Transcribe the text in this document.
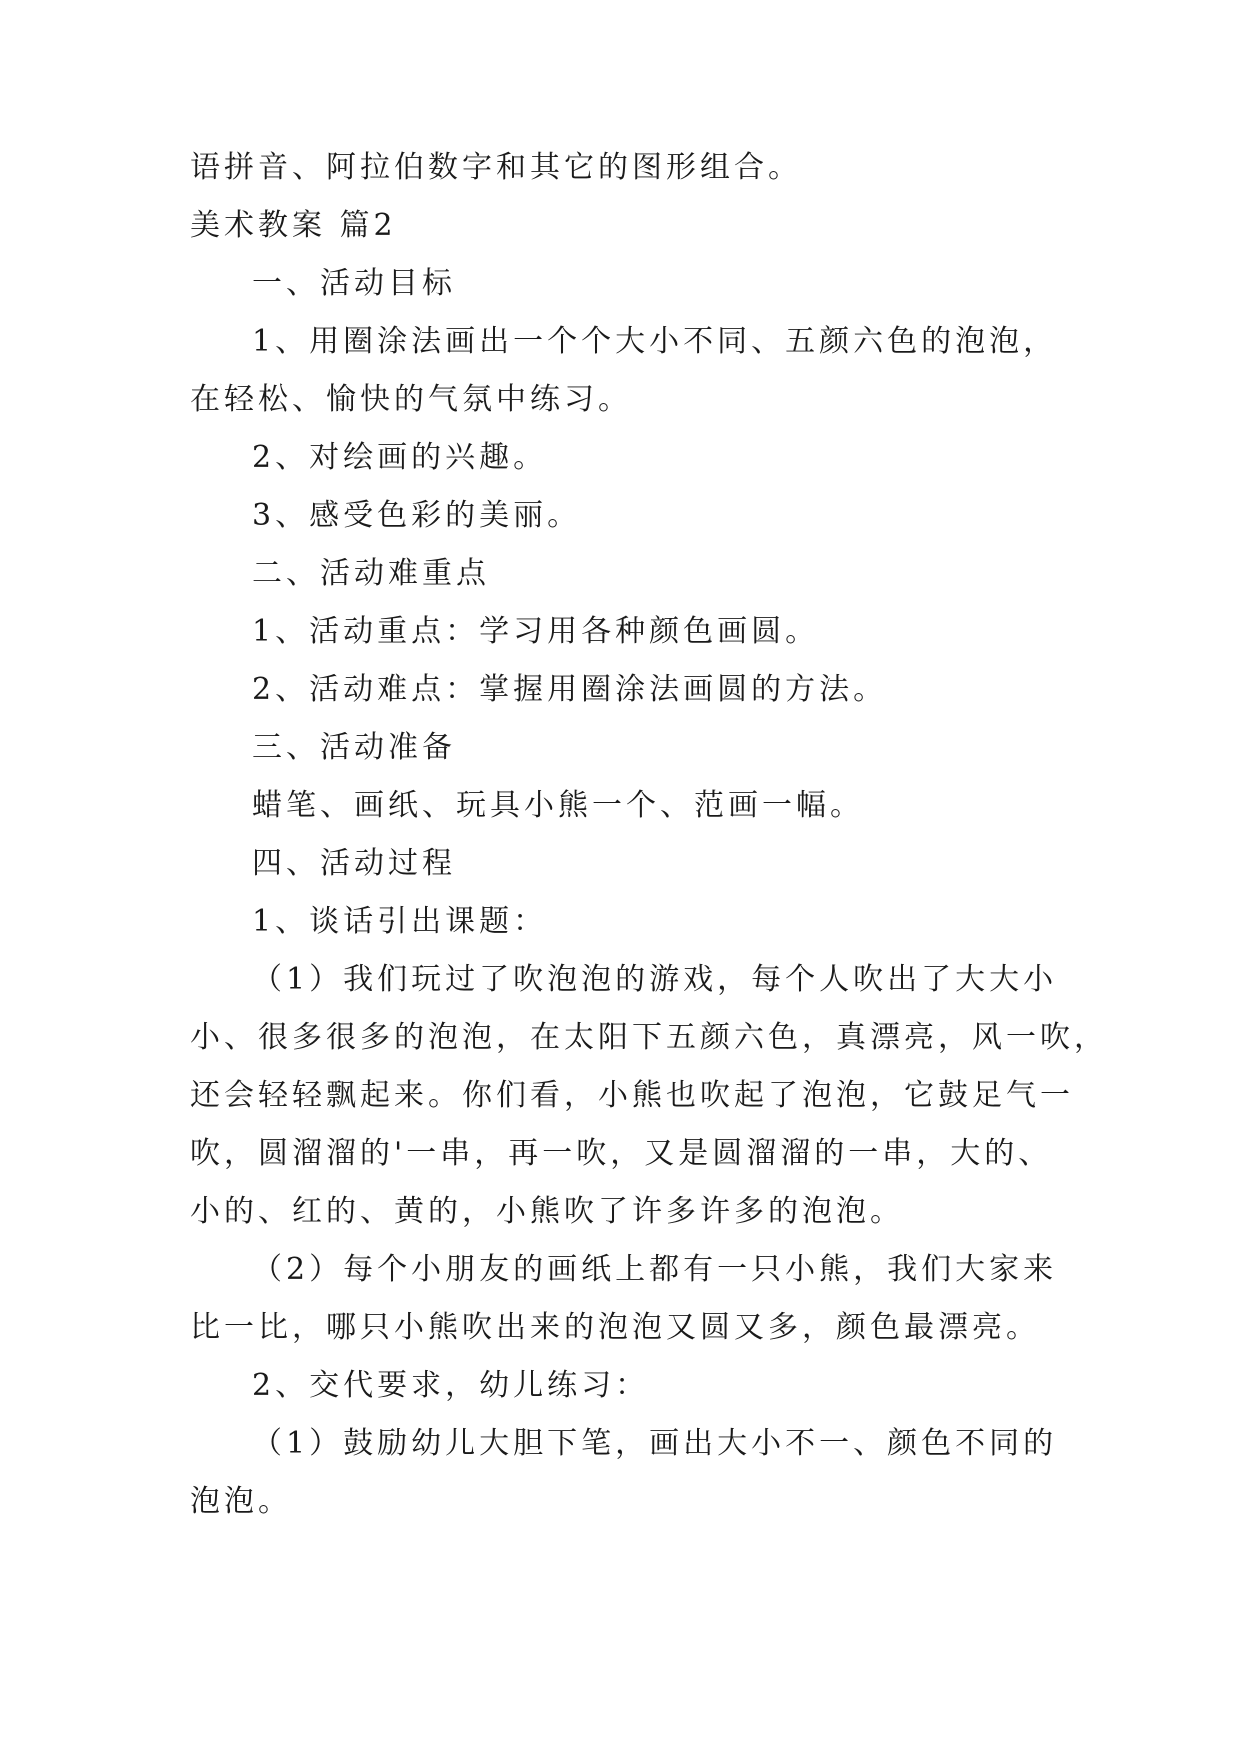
语拼音、阿拉伯数字和其它的图形组合。
美术教案 篇2
一、活动目标
1、用圈涂法画出一个个大小不同、五颜六色的泡泡，
在轻松、愉快的气氛中练习。
2、对绘画的兴趣。
3、感受色彩的美丽。
二、活动难重点
1、活动重点：学习用各种颜色画圆。
2、活动难点：掌握用圈涂法画圆的方法。
三、活动准备
蜡笔、画纸、玩具小熊一个、范画一幅。
四、活动过程
1、谈话引出课题：
（1）我们玩过了吹泡泡的游戏，每个人吹出了大大小
小、很多很多的泡泡，在太阳下五颜六色，真漂亮，风一吹，
还会轻轻飘起来。你们看，小熊也吹起了泡泡，它鼓足气一
吹，圆溜溜的'一串，再一吹，又是圆溜溜的一串，大的、
小的、红的、黄的，小熊吹了许多许多的泡泡。
（2）每个小朋友的画纸上都有一只小熊，我们大家来
比一比，哪只小熊吹出来的泡泡又圆又多，颜色最漂亮。
2、交代要求，幼儿练习：
（1）鼓励幼儿大胆下笔，画出大小不一、颜色不同的
泡泡。
